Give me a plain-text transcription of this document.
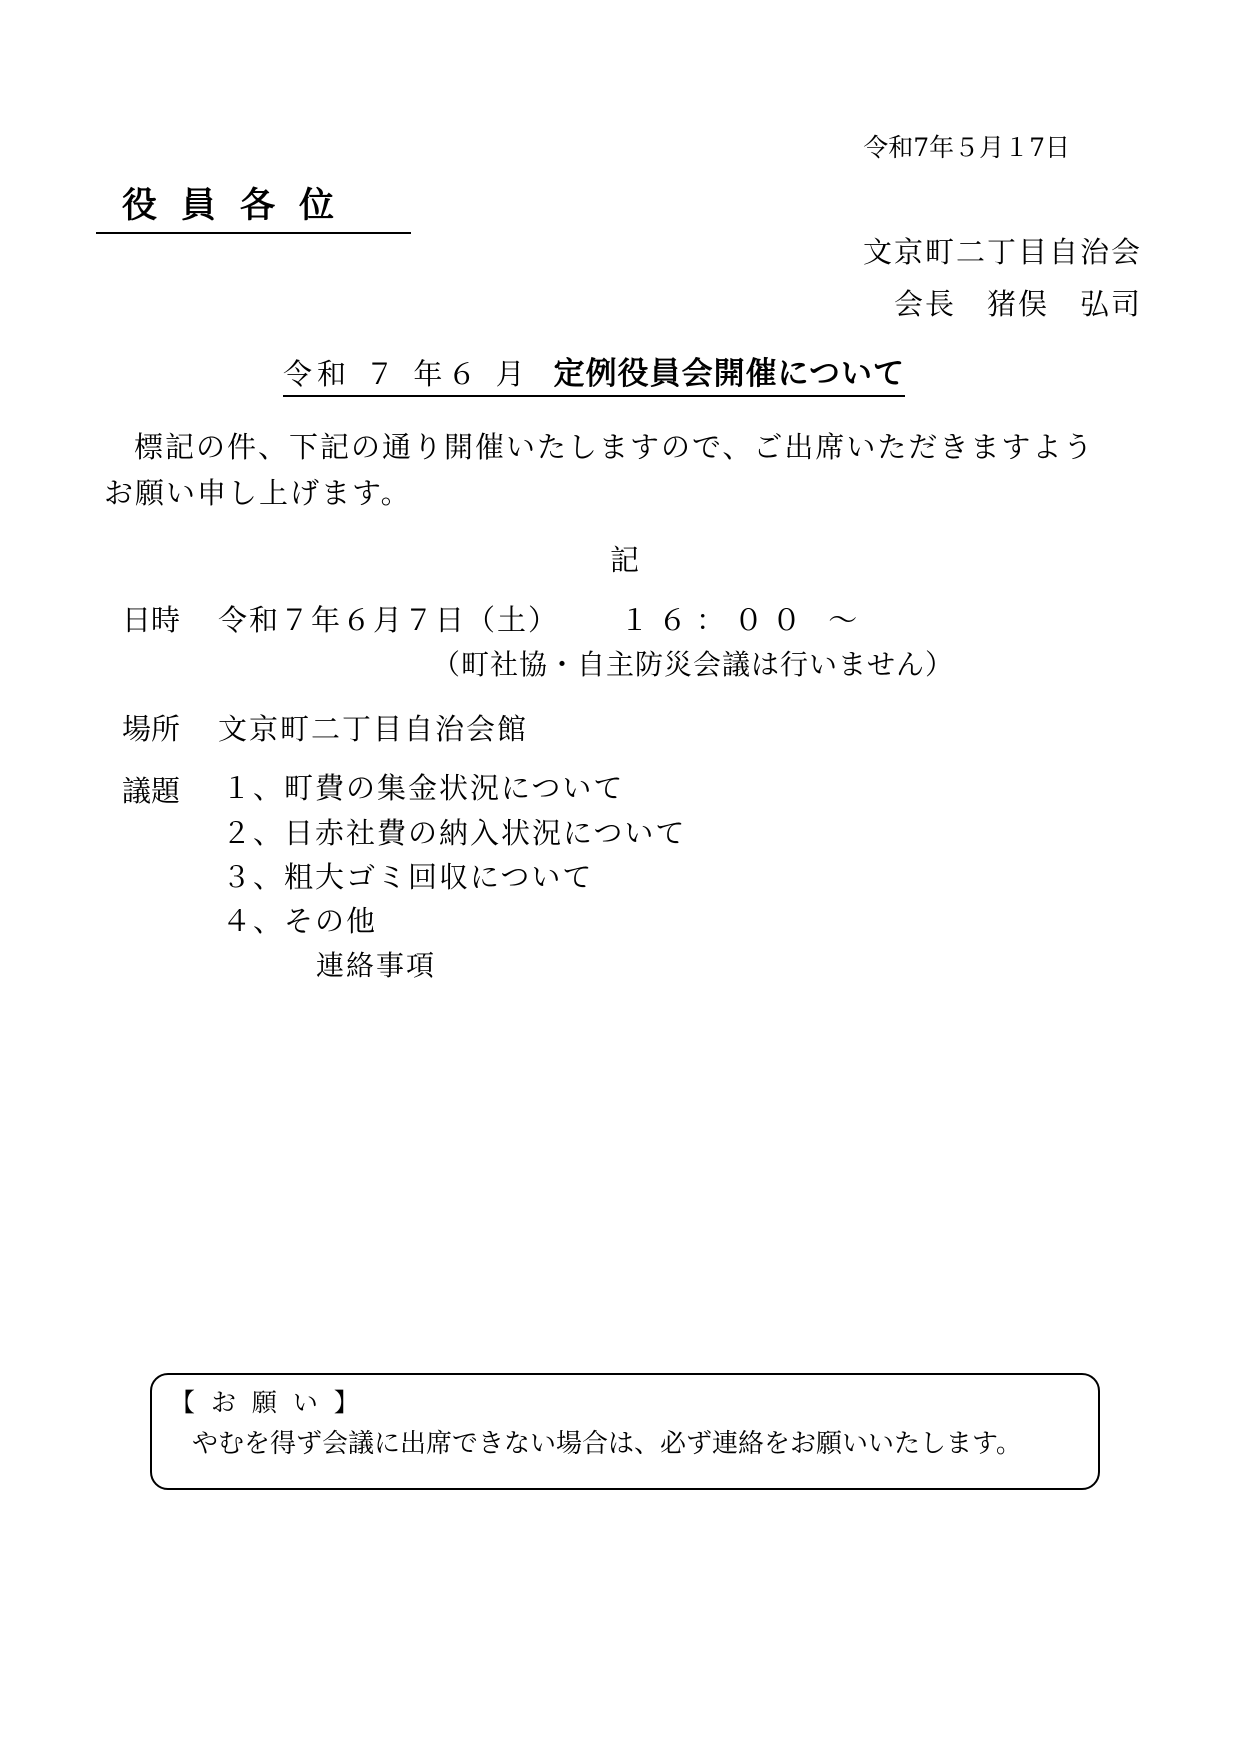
令和7年５月１7日
役員各位
文京町二丁目自治会
会長　猪俣　弘司
令和 ７ 年６ 月 定例役員会開催について
標記の件、下記の通り開催いたしますので、ご出席いただきますようお願い申し上げます。
記
日時 令和７年６月７日（土） １６：００ ～
（町社協・自主防災会議は行いません）
場所 文京町二丁目自治会館
議題 １、町費の集金状況について
２、日赤社費の納入状況について
３、粗大ゴミ回収について
４、その他
連絡事項
【 お 願 い 】
やむを得ず会議に出席できない場合は、必ず連絡をお願いいたします。
